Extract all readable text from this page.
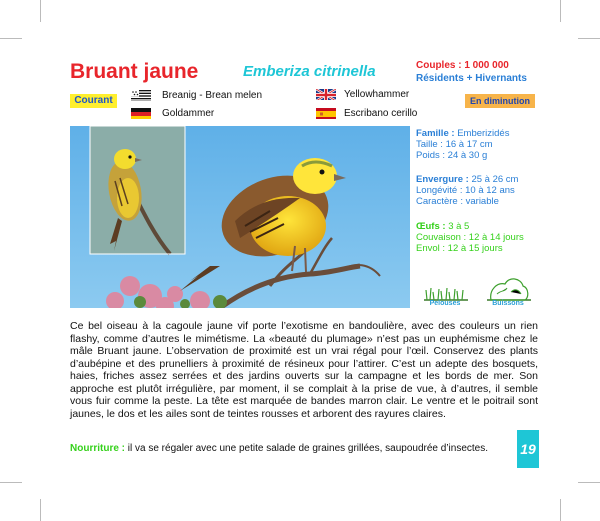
Bruant jaune	Emberiza citrinella	Couples : 1 000 000
Résidents + Hivernants
Courant	En diminution
Breanig - Brean melen
Goldammer
Yellowhammer
Escribano cerillo
Famille : Emberizidés
Taille : 16 à 17 cm
Poids : 24 à 30 g
Envergure : 25 à 26 cm
Longévité : 10 à 12 ans
Caractère : variable
Œufs : 3 à 5
Couvaison : 12 à 14 jours
Envol : 12 à 15 jours
Pelouses	Buissons
Ce bel oiseau à la cagoule jaune vif porte l’exotisme en bandoulière, avec des couleurs un rien flashy, comme d’autres le mimétisme. La «beauté du plumage» n’est pas un euphémisme chez le mâle Bruant jaune. L’observation de proximité est un vrai régal pour l’œil. Conservez des plants d’aubépine et des prunelliers à proximité de résineux pour l’attirer. C’est un adepte des bosquets, haies, friches assez serrées et des jardins ouverts sur la campagne et les bords de mer. Son approche est plutôt irrégulière, par moment, il se complait à la prise de vue, à d’autres, il semble vous fuir comme la peste. La tête est marquée de bandes marron clair. Le ventre et le poitrail sont jaunes, le dos et les ailes sont de teintes rousses et arborent des rayures claires.
Nourriture : il va se régaler avec une petite salade de graines grillées, saupoudrée d’insectes. 19
